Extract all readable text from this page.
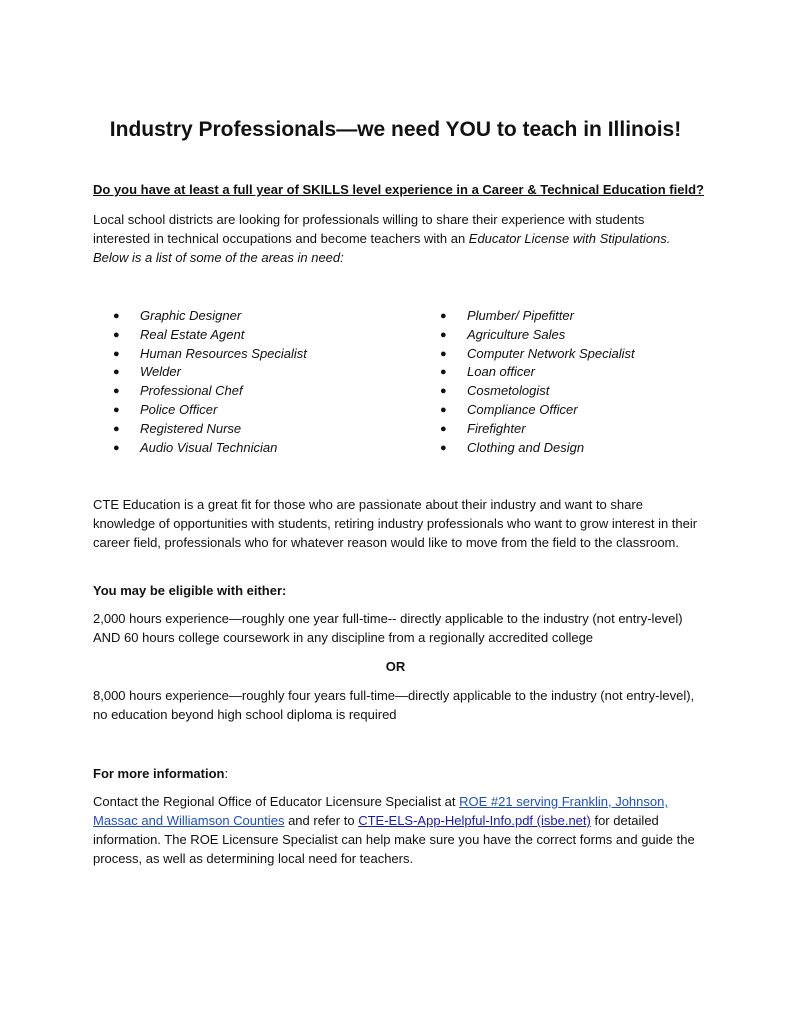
Industry Professionals—we need YOU to teach in Illinois!
Do you have at least a full year of SKILLS level experience in a Career & Technical Education field?
Local school districts are looking for professionals willing to share their experience with students interested in technical occupations and become teachers with an Educator License with Stipulations. Below is a list of some of the areas in need:
● Graphic Designer
● Real Estate Agent
● Human Resources Specialist
● Welder
● Professional Chef
● Police Officer
● Registered Nurse
● Audio Visual Technician
● Plumber/ Pipefitter
● Agriculture Sales
● Computer Network Specialist
● Loan officer
● Cosmetologist
● Compliance Officer
● Firefighter
● Clothing and Design
CTE Education is a great fit for those who are passionate about their industry and want to share knowledge of opportunities with students, retiring industry professionals who want to grow interest in their career field, professionals who for whatever reason would like to move from the field to the classroom.
You may be eligible with either:
2,000 hours experience—roughly one year full-time-- directly applicable to the industry (not entry-level) AND 60 hours college coursework in any discipline from a regionally accredited college
OR
8,000 hours experience—roughly four years full-time—directly applicable to the industry (not entry-level), no education beyond high school diploma is required
For more information:
Contact the Regional Office of Educator Licensure Specialist at ROE #21 serving Franklin, Johnson, Massac and Williamson Counties and refer to CTE-ELS-App-Helpful-Info.pdf (isbe.net) for detailed information. The ROE Licensure Specialist can help make sure you have the correct forms and guide the process, as well as determining local need for teachers.
